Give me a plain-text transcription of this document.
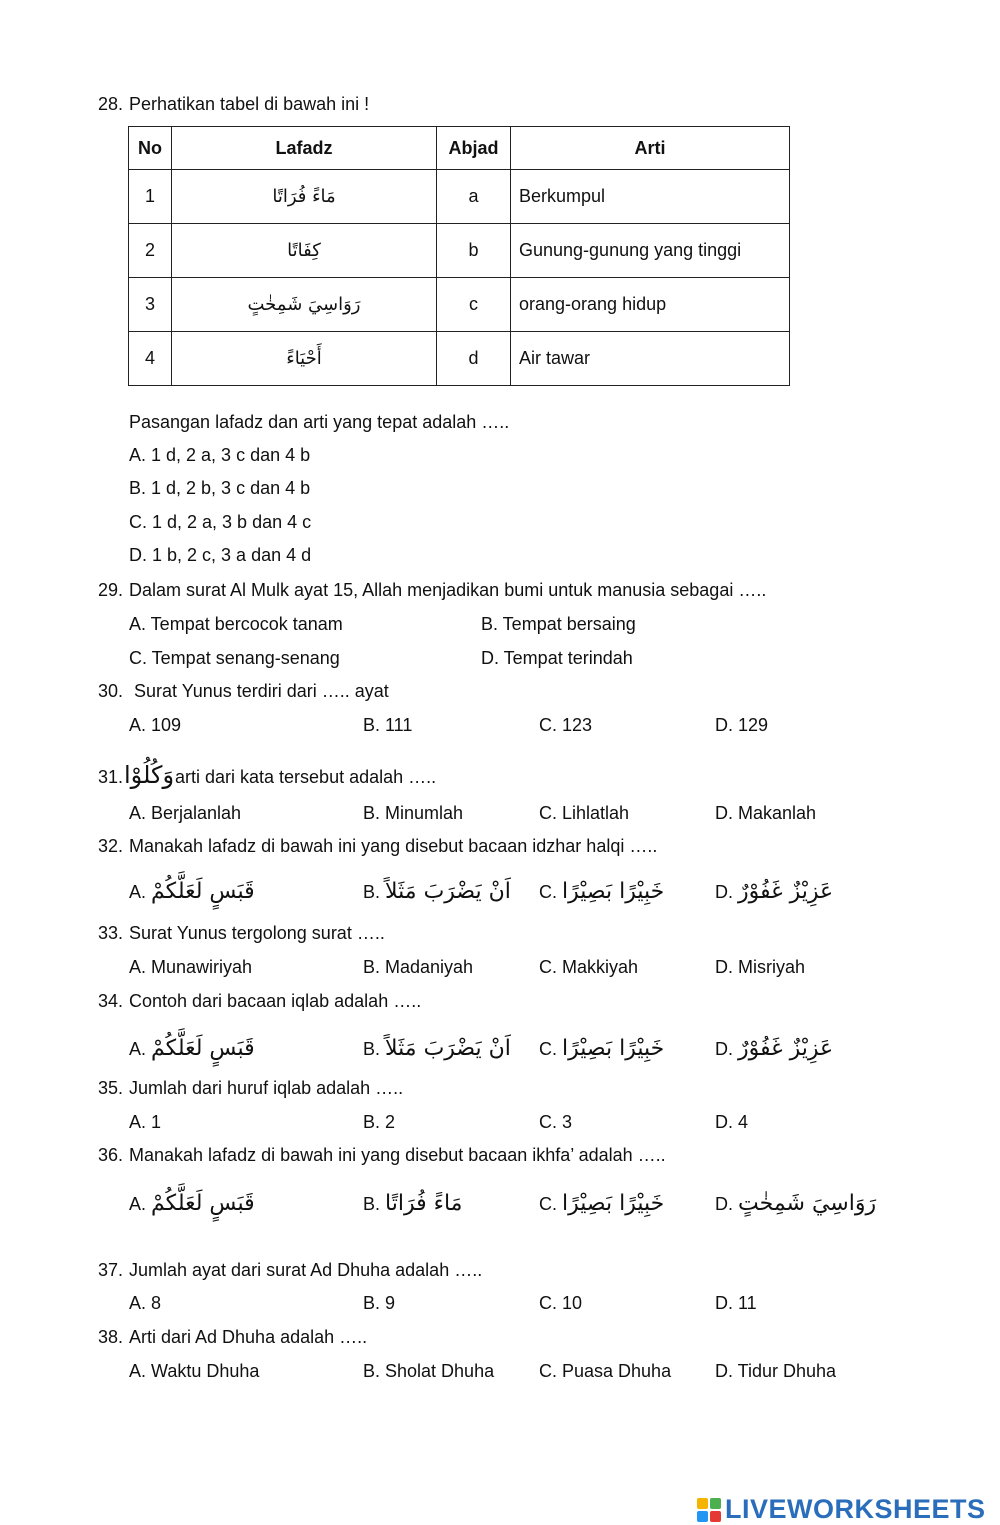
28. Perhatikan tabel di bawah ini !
No	Lafadz	Abjad	Arti
1	مَاءً فُرَاتًا	a	Berkumpul
2	كِفَاتًا	b	Gunung-gunung yang tinggi
3	رَوَاسِيَ شَمِخٰتٍ	c	orang-orang hidup
4	أَحْيَاءً	d	Air tawar
Pasangan lafadz dan arti yang tepat adalah …..
A. 1 d, 2 a, 3 c dan 4 b
B. 1 d, 2 b, 3 c dan 4 b
C. 1 d, 2 a, 3 b dan 4 c
D. 1 b, 2 c, 3 a dan 4 d
29. Dalam surat Al Mulk ayat 15, Allah menjadikan bumi untuk manusia sebagai …..
A. Tempat bercocok tanam	B. Tempat bersaing
C. Tempat senang-senang	D. Tempat terindah
30. Surat Yunus terdiri dari ….. ayat
A. 109	B. 111	C. 123	D. 129
31. وَكُلُوْا arti dari kata tersebut adalah …..
A. Berjalanlah	B. Minumlah	C. Lihlatlah	D. Makanlah
32. Manakah lafadz di bawah ini yang disebut bacaan idzhar halqi …..
A. قَبَسٍ لَعَلَّكُمْ	B. اَنْ يَضْرَبَ مَثَلاً C. خَبِيْرًا بَصِيْرًا	D. عَزِيْزٌ غَفُوْرٌ
33. Surat Yunus tergolong surat …..
A. Munawiriyah	B. Madaniyah	C. Makkiyah	D. Misriyah
34. Contoh dari bacaan iqlab adalah …..
A. قَبَسٍ لَعَلَّكُمْ	B. اَنْ يَضْرَبَ مَثَلاً C. خَبِيْرًا بَصِيْرًا	D. عَزِيْزٌ غَفُوْرٌ
35. Jumlah dari huruf iqlab adalah …..
A. 1	B. 2	C. 3	D. 4
36. Manakah lafadz di bawah ini yang disebut bacaan ikhfa’ adalah …..
A. قَبَسٍ لَعَلَّكُمْ	B. مَاءً فُرَاتًا	C. خَبِيْرًا بَصِيْرًا	D. رَوَاسِيَ شَمِخٰتٍ
37. Jumlah ayat dari surat Ad Dhuha adalah …..
A. 8	B. 9	C. 10	D. 11
38. Arti dari Ad Dhuha adalah …..
A. Waktu Dhuha	B. Sholat Dhuha C. Puasa Dhuha D. Tidur Dhuha
LIVEWORKSHEETS
